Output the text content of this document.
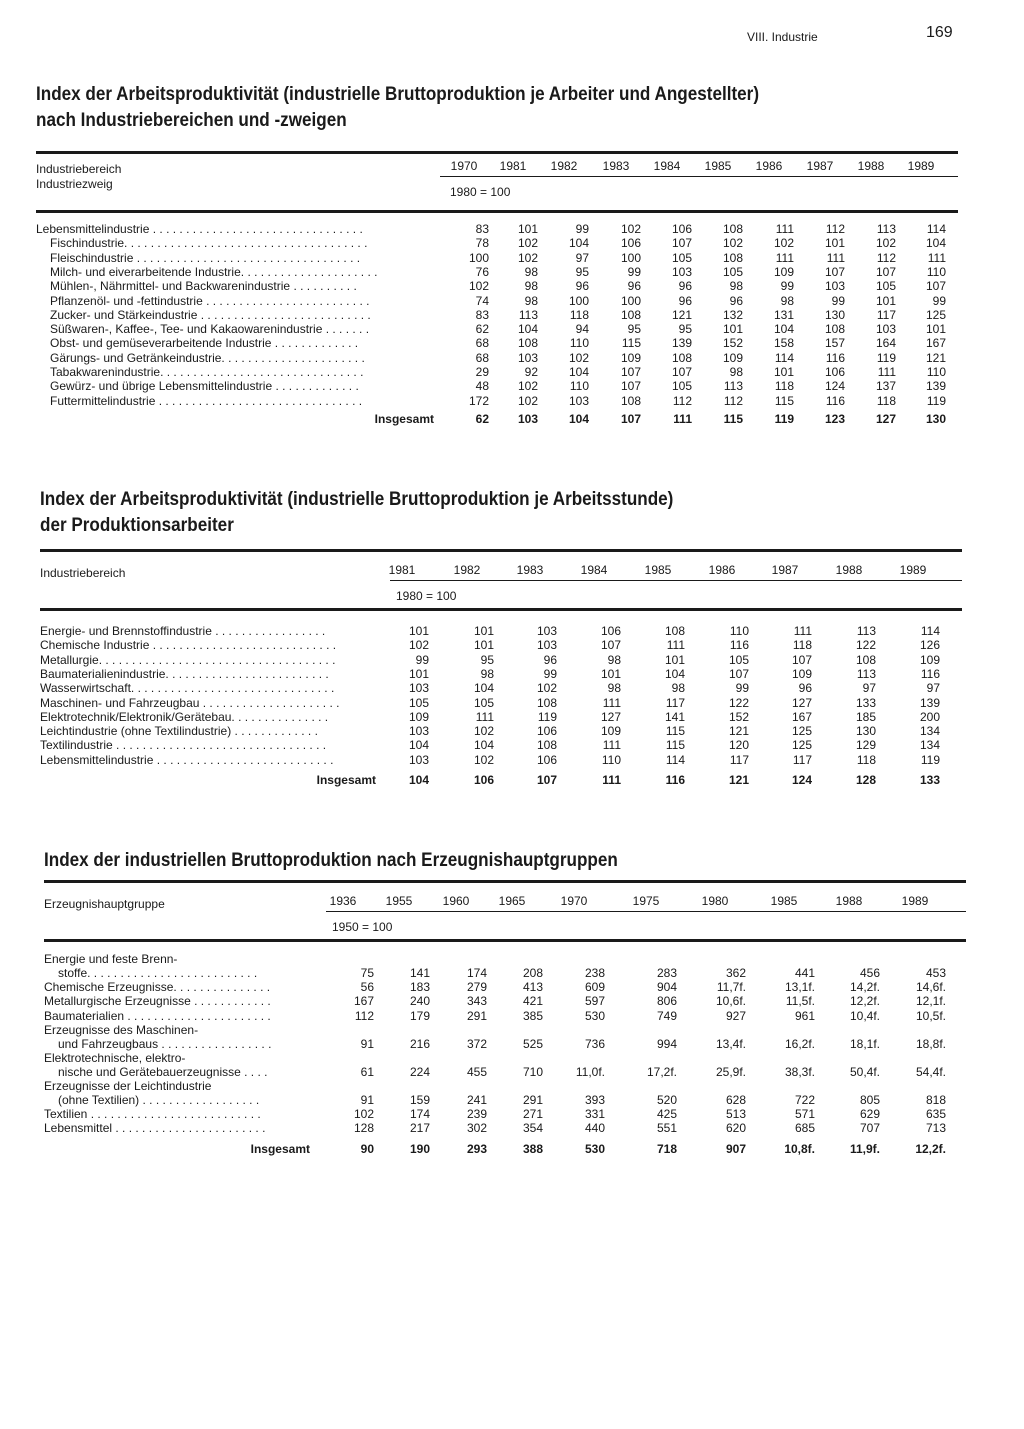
VIII. Industrie	169
Index der Arbeitsproduktivität (industrielle Bruttoproduktion je Arbeiter und Angestellter)
nach Industriebereichen und -zweigen
Industriebereich
Industriezweig
1970	1981	1982	1983	1984	1985	1986	1987	1988	1989
1980 = 100
Lebensmittelindustrie . . . . . . . . . . . . . . . . . . . . . . . . . . . . . . . .	83	101	99	102	106	108	111	112	113	114
Fischindustrie. . . . . . . . . . . . . . . . . . . . . . . . . . . . . . . . . . . . .	78	102	104	106	107	102	102	101	102	104
Fleischindustrie . . . . . . . . . . . . . . . . . . . . . . . . . . . . . . . . . .	100	102	97	100	105	108	111	111	112	111
Milch- und eiverarbeitende Industrie. . . . . . . . . . . . . . . . . . . . .	76	98	95	99	103	105	109	107	107	110
Mühlen-, Nährmittel- und Backwarenindustrie . . . . . . . . . .	102	98	96	96	96	98	99	103	105	107
Pflanzenöl- und -fettindustrie . . . . . . . . . . . . . . . . . . . . . . . . .	74	98	100	100	96	96	98	99	101	99
Zucker- und Stärkeindustrie . . . . . . . . . . . . . . . . . . . . . . . . . .	83	113	118	108	121	132	131	130	117	125
Süßwaren-, Kaffee-, Tee- und Kakaowarenindustrie . . . . . . .	62	104	94	95	95	101	104	108	103	101
Obst- und gemüseverarbeitende Industrie . . . . . . . . . . . . .	68	108	110	115	139	152	158	157	164	167
Gärungs- und Getränkeindustrie. . . . . . . . . . . . . . . . . . . . . .	68	103	102	109	108	109	114	116	119	121
Tabakwarenindustrie. . . . . . . . . . . . . . . . . . . . . . . . . . . . . . .	29	92	104	107	107	98	101	106	111	110
Gewürz- und übrige Lebensmittelindustrie . . . . . . . . . . . . .	48	102	110	107	105	113	118	124	137	139
Futtermittelindustrie . . . . . . . . . . . . . . . . . . . . . . . . . . . . . . .	172	102	103	108	112	112	115	116	118	119
Insgesamt	62	103	104	107	111	115	119	123	127	130
Index der Arbeitsproduktivität (industrielle Bruttoproduktion je Arbeitsstunde)
der Produktionsarbeiter
Industriebereich	1981	1982	1983	1984	1985	1986	1987	1988	1989
1980 = 100
Energie- und Brennstoffindustrie . . . . . . . . . . . . . . . . .	101	101	103	106	108	110	111	113	114
Chemische Industrie . . . . . . . . . . . . . . . . . . . . . . . . . . . .	102	101	103	107	111	116	118	122	126
Metallurgie. . . . . . . . . . . . . . . . . . . . . . . . . . . . . . . . . . . .	99	95	96	98	101	105	107	108	109
Baumaterialienindustrie. . . . . . . . . . . . . . . . . . . . . . . . .	101	98	99	101	104	107	109	113	116
Wasserwirtschaft. . . . . . . . . . . . . . . . . . . . . . . . . . . . . . .	103	104	102	98	98	99	96	97	97
Maschinen- und Fahrzeugbau . . . . . . . . . . . . . . . . . . . . .	105	105	108	111	117	122	127	133	139
Elektrotechnik/Elektronik/Gerätebau. . . . . . . . . . . . . . .	109	111	119	127	141	152	167	185	200
Leichtindustrie (ohne Textilindustrie) . . . . . . . . . . . . .	103	102	106	109	115	121	125	130	134
Textilindustrie . . . . . . . . . . . . . . . . . . . . . . . . . . . . . . . .	104	104	108	111	115	120	125	129	134
Lebensmittelindustrie . . . . . . . . . . . . . . . . . . . . . . . . . . .	103	102	106	110	114	117	117	118	119
Insgesamt	104	106	107	111	116	121	124	128	133
Index der industriellen Bruttoproduktion nach Erzeugnishauptgruppen
Erzeugnishauptgruppe	1936	1955	1960	1965	1970	1975	1980	1985	1988	1989
1950 = 100
Energie und feste Brenn-
stoffe. . . . . . . . . . . . . . . . . . . . . . . . . .	75	141	174	208	238	283	362	441	456	453
Chemische Erzeugnisse. . . . . . . . . . . . . . .	56	183	279	413	609	904	11,7f.	13,1f.	14,2f.	14,6f.
Metallurgische Erzeugnisse . . . . . . . . . . . .	167	240	343	421	597	806	10,6f.	11,5f.	12,2f.	12,1f.
Baumaterialien . . . . . . . . . . . . . . . . . . . . . .	112	179	291	385	530	749	927	961	10,4f.	10,5f.
Erzeugnisse des Maschinen-
und Fahrzeugbaus . . . . . . . . . . . . . . . . .	91	216	372	525	736	994	13,4f.	16,2f.	18,1f.	18,8f.
Elektrotechnische, elektro-
nische und Gerätebauerzeugnisse . . . .	61	224	455	710	11,0f.	17,2f.	25,9f.	38,3f.	50,4f.	54,4f.
Erzeugnisse der Leichtindustrie
(ohne Textilien) . . . . . . . . . . . . . . . . . .	91	159	241	291	393	520	628	722	805	818
Textilien . . . . . . . . . . . . . . . . . . . . . . . . . .	102	174	239	271	331	425	513	571	629	635
Lebensmittel . . . . . . . . . . . . . . . . . . . . . . .	128	217	302	354	440	551	620	685	707	713
Insgesamt	90	190	293	388	530	718	907	10,8f.	11,9f.	12,2f.
